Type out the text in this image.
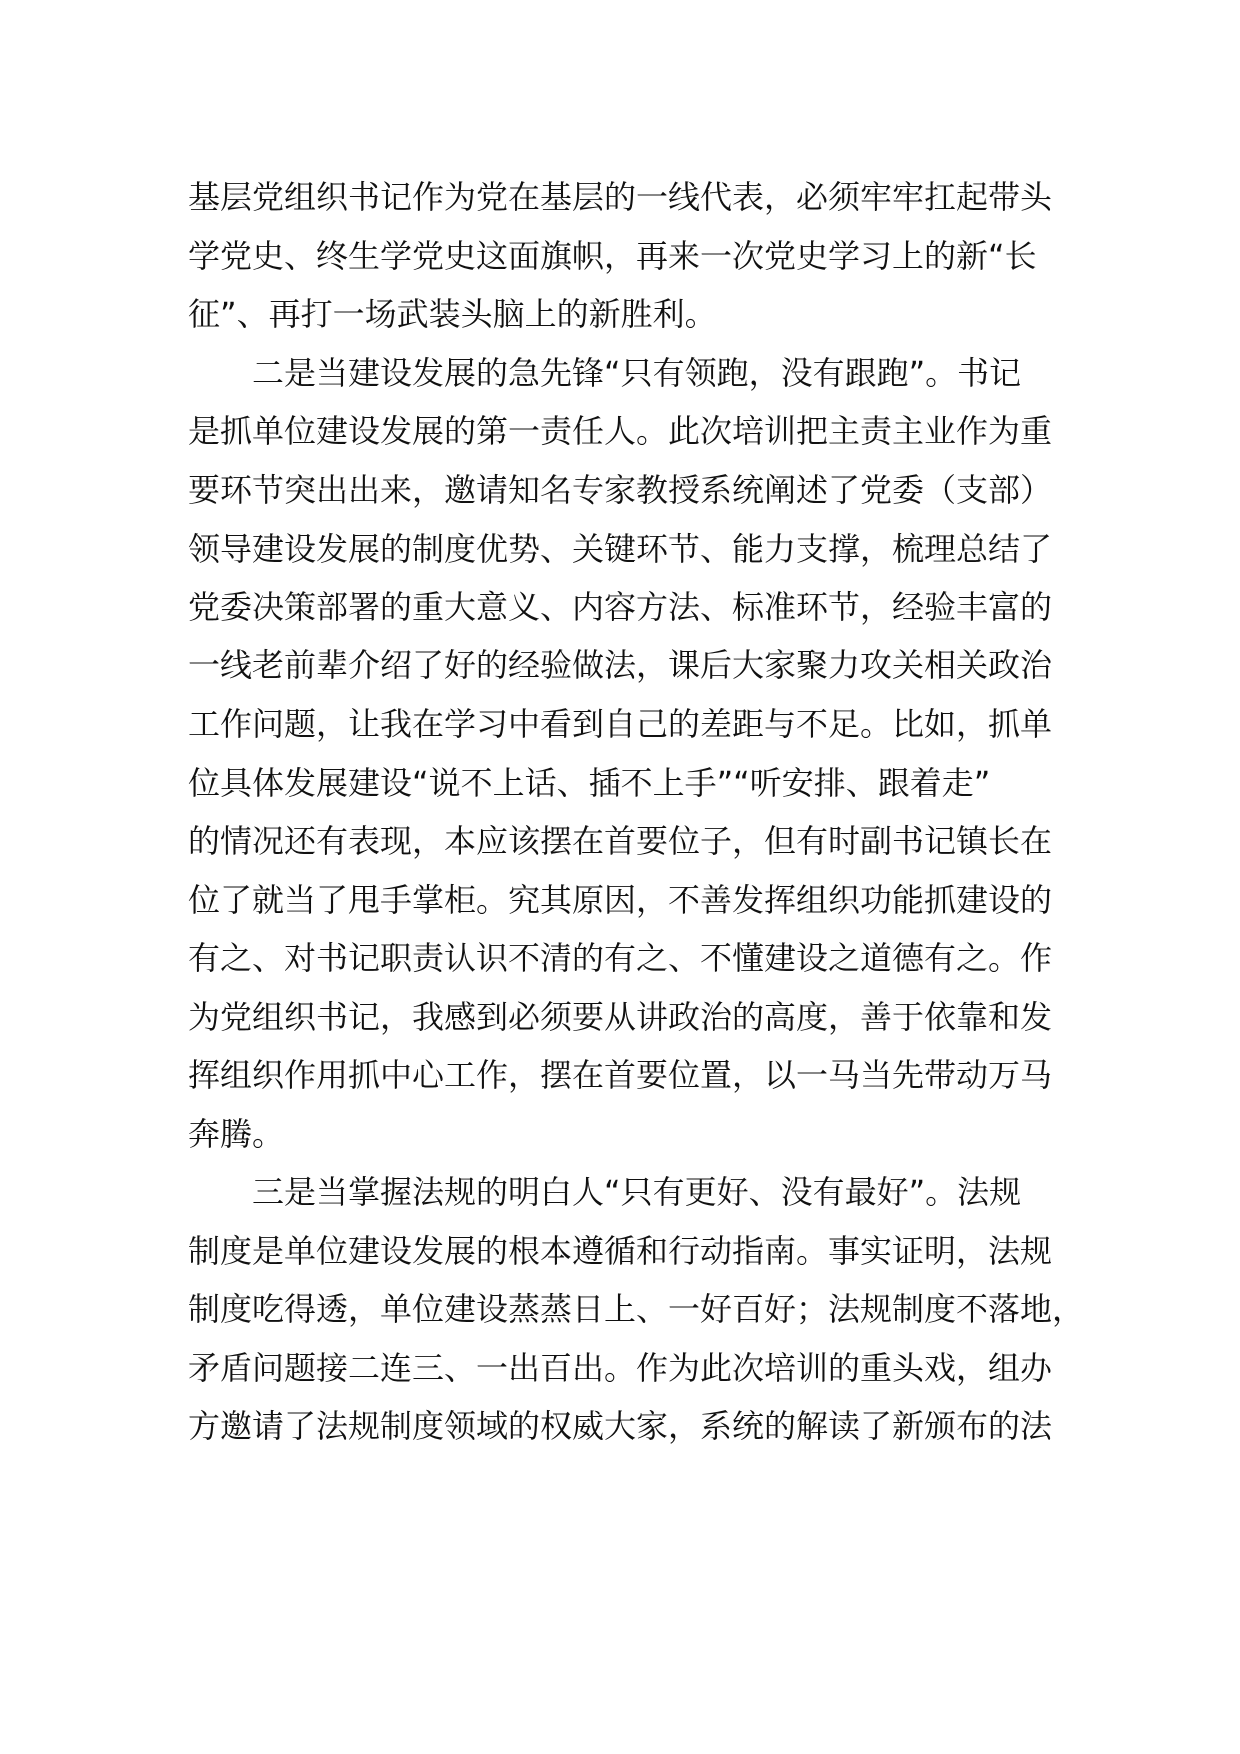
基层党组织书记作为党在基层的一线代表，必须牢牢扛起带头
学党史、终生学党史这面旗帜，再来一次党史学习上的新“长
征”、再打一场武装头脑上的新胜利。
二是当建设发展的急先锋“只有领跑，没有跟跑”。书记
是抓单位建设发展的第一责任人。此次培训把主责主业作为重
要环节突出出来，邀请知名专家教授系统阐述了党委（支部）
领导建设发展的制度优势、关键环节、能力支撑，梳理总结了
党委决策部署的重大意义、内容方法、标准环节，经验丰富的
一线老前辈介绍了好的经验做法，课后大家聚力攻关相关政治
工作问题，让我在学习中看到自己的差距与不足。比如，抓单
位具体发展建设“说不上话、插不上手”“听安排、跟着走”
的情况还有表现，本应该摆在首要位子，但有时副书记镇长在
位了就当了甩手掌柜。究其原因，不善发挥组织功能抓建设的
有之、对书记职责认识不清的有之、不懂建设之道德有之。作
为党组织书记，我感到必须要从讲政治的高度，善于依靠和发
挥组织作用抓中心工作，摆在首要位置，以一马当先带动万马
奔腾。
三是当掌握法规的明白人“只有更好、没有最好”。法规
制度是单位建设发展的根本遵循和行动指南。事实证明，法规
制度吃得透，单位建设蒸蒸日上、一好百好；法规制度不落地，
矛盾问题接二连三、一出百出。作为此次培训的重头戏，组办
方邀请了法规制度领域的权威大家，系统的解读了新颁布的法
